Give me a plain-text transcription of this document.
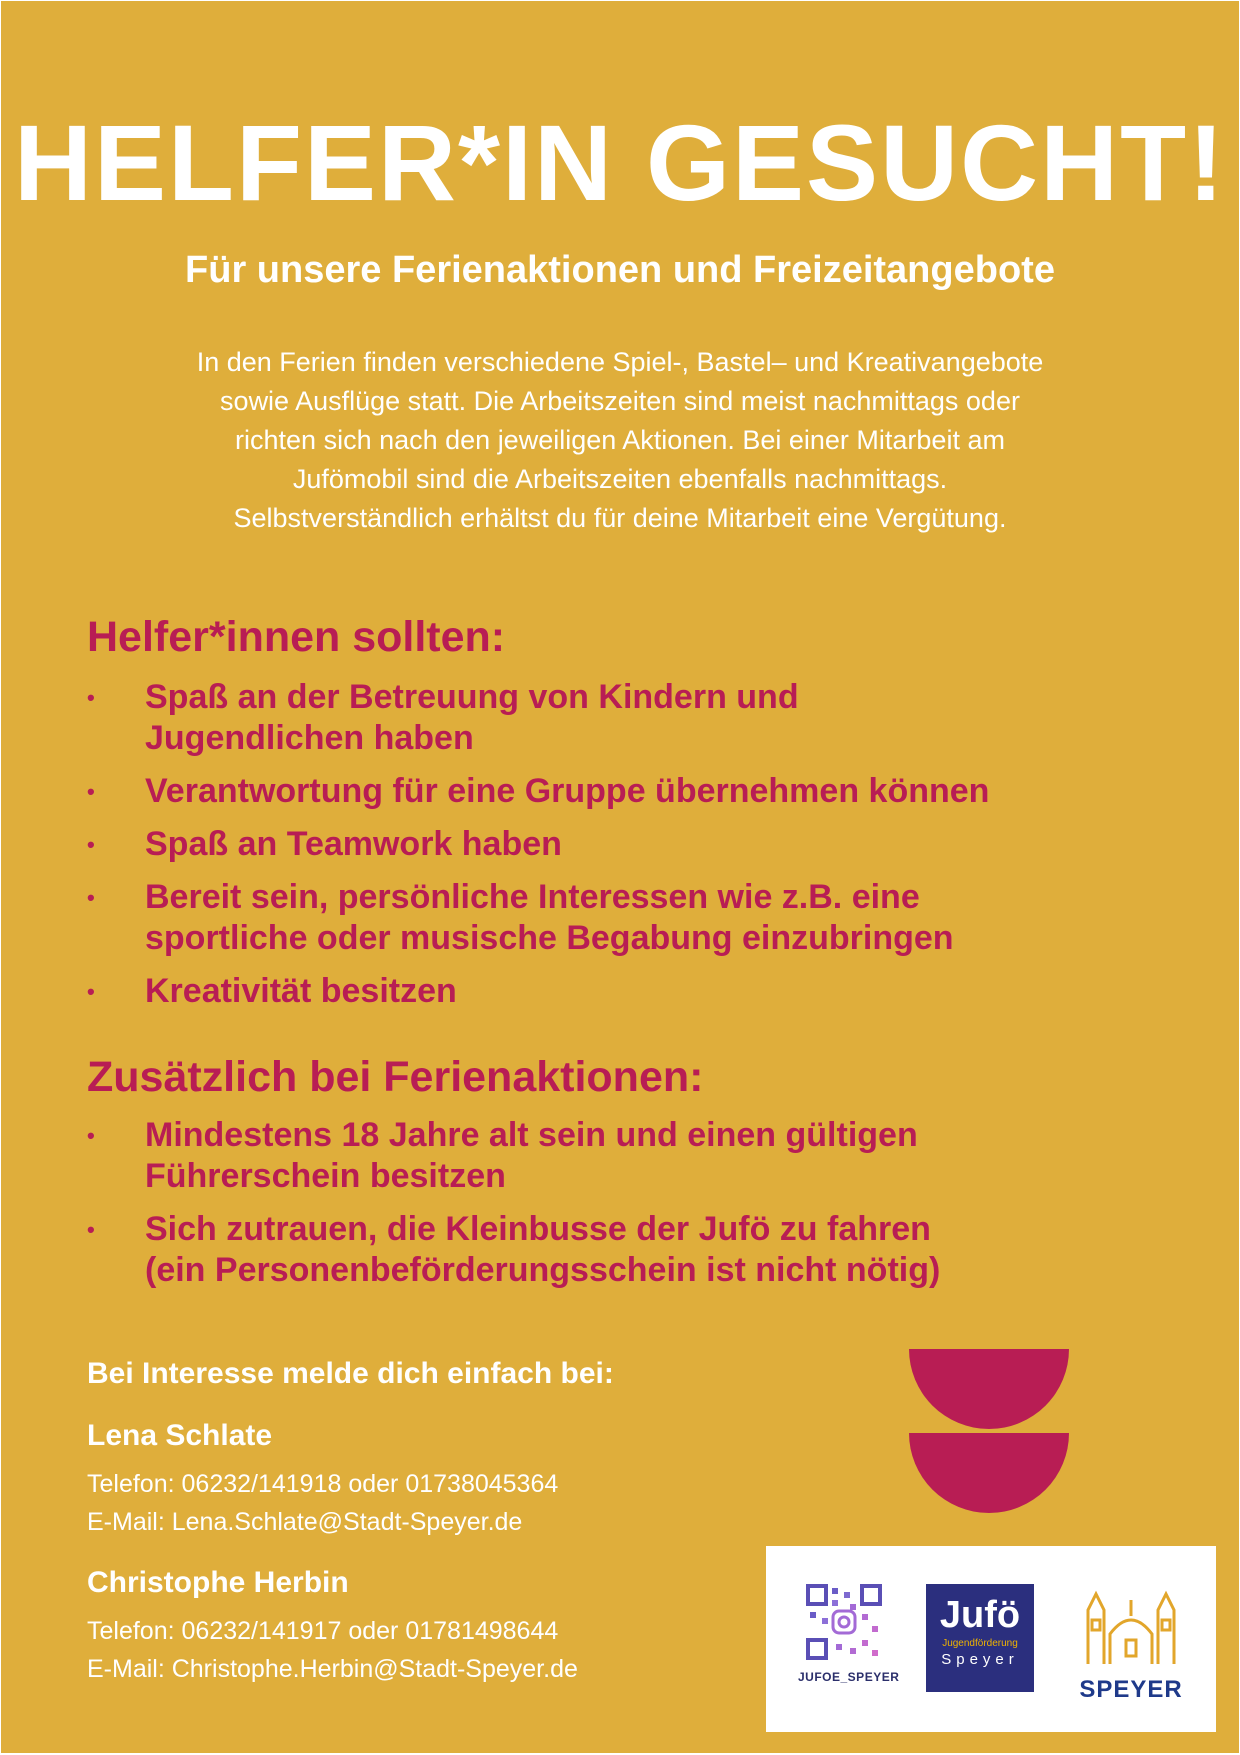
HELFER*IN GESUCHT!
Für unsere Ferienaktionen und Freizeitangebote
In den Ferien finden verschiedene Spiel-, Bastel– und Kreativangebote
sowie Ausflüge statt. Die Arbeitszeiten sind meist nachmittags oder
richten sich nach den jeweiligen Aktionen. Bei einer Mitarbeit am
Jufömobil sind die Arbeitszeiten ebenfalls nachmittags.
Selbstverständlich erhältst du für deine Mitarbeit eine Vergütung.
Helfer*innen sollten:
• Spaß an der Betreuung von Kindern und
Jugendlichen haben
• Verantwortung für eine Gruppe übernehmen können
• Spaß an Teamwork haben
• Bereit sein, persönliche Interessen wie z.B. eine
sportliche oder musische Begabung einzubringen
• Kreativität besitzen
Zusätzlich bei Ferienaktionen:
• Mindestens 18 Jahre alt sein und einen gültigen
Führerschein besitzen
• Sich zutrauen, die Kleinbusse der Jufö zu fahren
(ein Personenbeförderungsschein ist nicht nötig)
Bei Interesse melde dich einfach bei:
Lena Schlate
Telefon: 06232/141918 oder 01738045364
E-Mail: Lena.Schlate@Stadt-Speyer.de
Christophe Herbin
Telefon: 06232/141917 oder 01781498644
E-Mail: Christophe.Herbin@Stadt-Speyer.de	JUFOE_SPEYER
Jufö
Jugendförderung
Speyer
SPEYER
